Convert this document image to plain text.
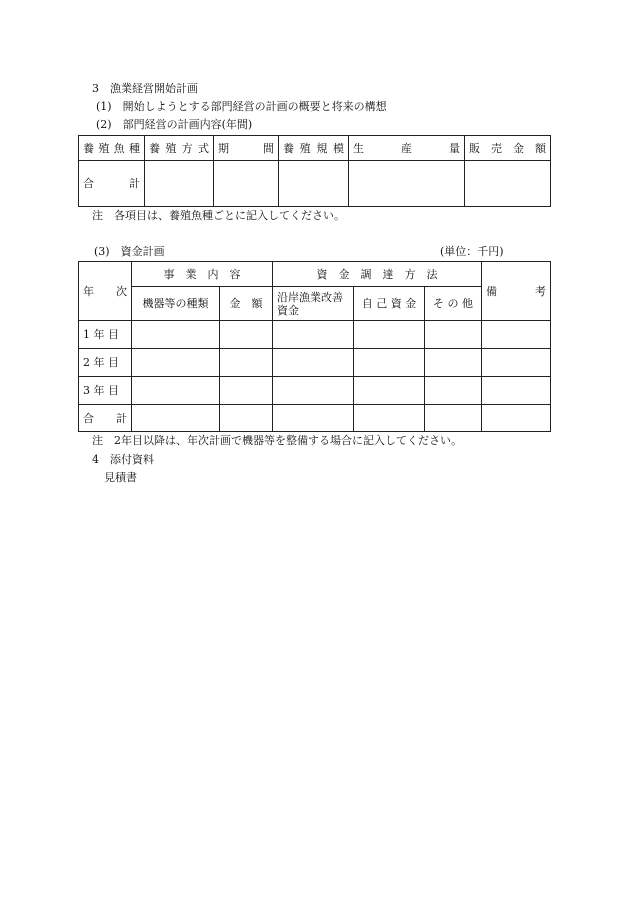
3　漁業経営開始計画
(1)　開始しようとする部門経営の計画の概要と将来の構想
(2)　部門経営の計画内容(年間)
養殖魚種	養 殖 方 式	期　　間	養殖規模	生　　産　　量	販 売 金 額
合　　計					
注　各項目は、養殖魚種ごとに記入してください。
(3)　資金計画	(単位：千円)
年　次	事　業　内　容		資　金　調　達　方　法			備　　　考
	機器等の種類	金　額	沿岸漁業改善資金	自 己 資 金	そ の 他	
1 年 目						
2 年 目						
3 年 目						
合　　計						
注　2年目以降は、年次計画で機器等を整備する場合に記入してください。
4　添付資料
見積書
